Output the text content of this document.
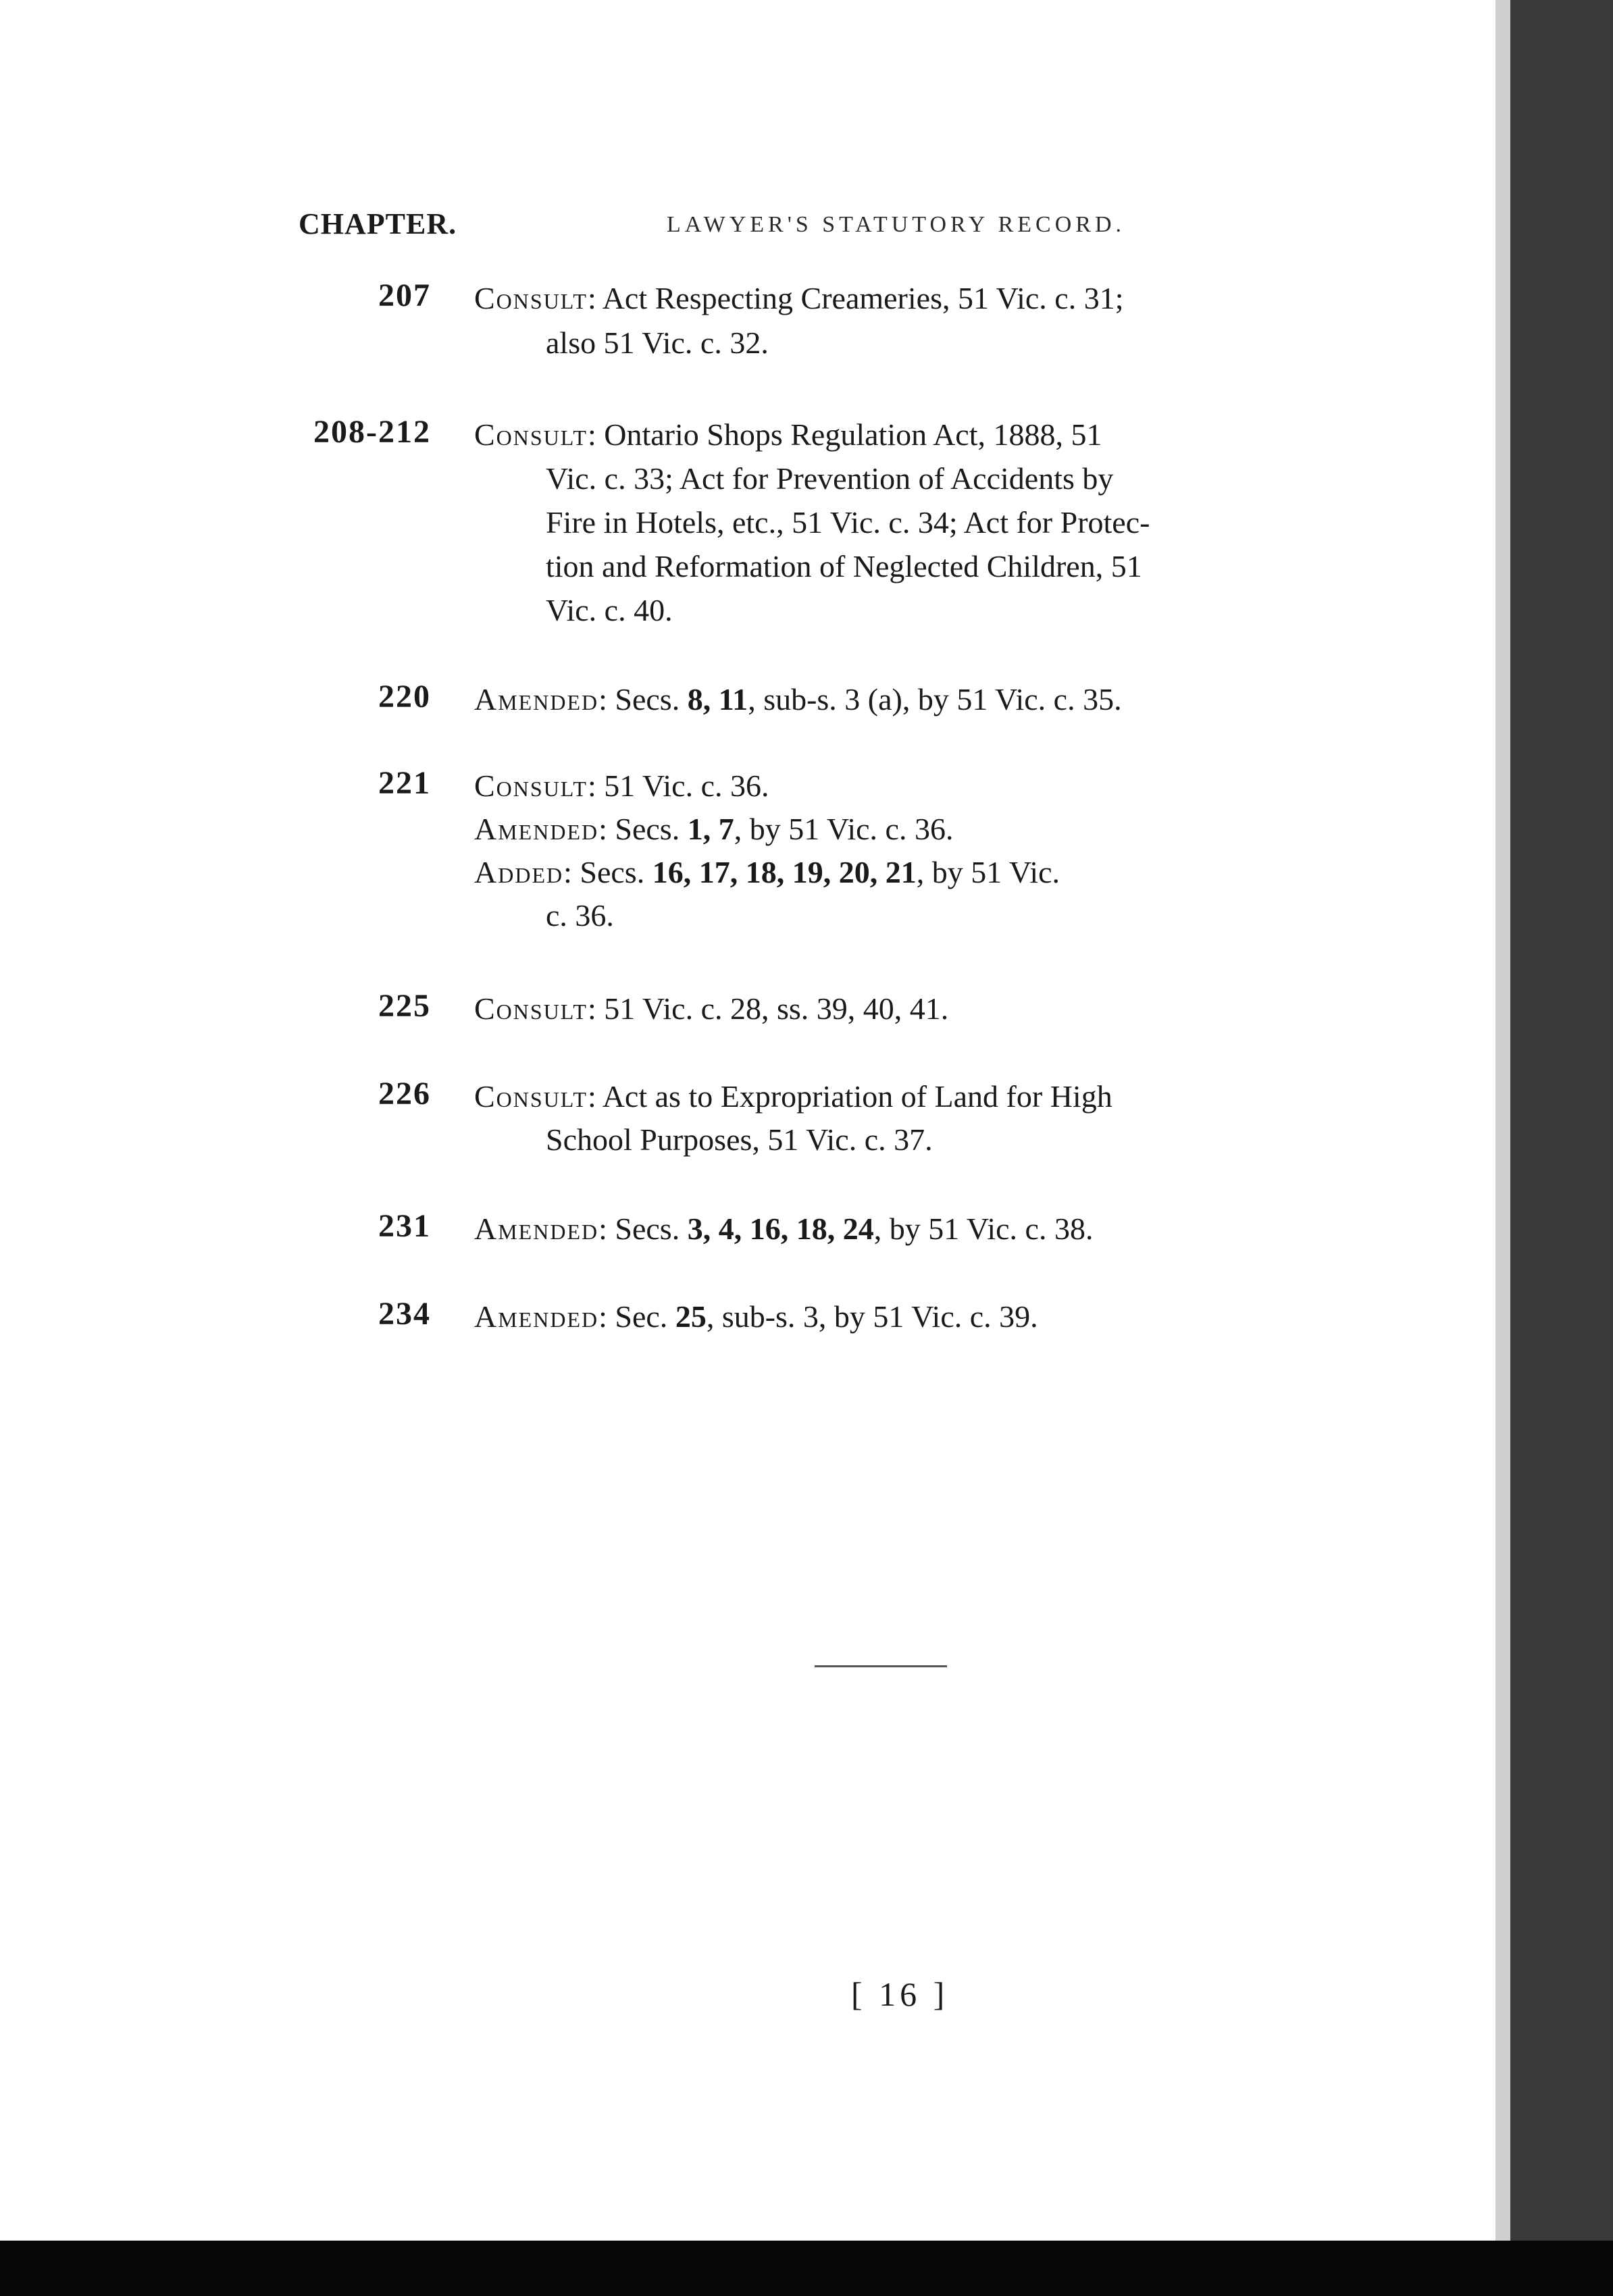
CHAPTER.	LAWYER'S STATUTORY RECORD.
207 Consult: Act Respecting Creameries, 51 Vic. c. 31;
also 51 Vic. c. 32.
208-212 Consult: Ontario Shops Regulation Act, 1888, 51
Vic. c. 33; Act for Prevention of Accidents by
Fire in Hotels, etc., 51 Vic. c. 34; Act for Protec-
tion and Reformation of Neglected Children, 51
Vic. c. 40.
220 Amended: Secs. 8, 11, sub-s. 3 (a), by 51 Vic. c. 35.
221 Consult: 51 Vic. c. 36.
Amended: Secs. 1, 7, by 51 Vic. c. 36.
Added: Secs. 16, 17, 18, 19, 20, 21, by 51 Vic.
c. 36.
225 Consult: 51 Vic. c. 28, ss. 39, 40, 41.
226 Consult: Act as to Expropriation of Land for High
School Purposes, 51 Vic. c. 37.
231 Amended: Secs. 3, 4, 16, 18, 24, by 51 Vic. c. 38.
234 Amended: Sec. 25, sub-s. 3, by 51 Vic. c. 39.
[ 16 ]
